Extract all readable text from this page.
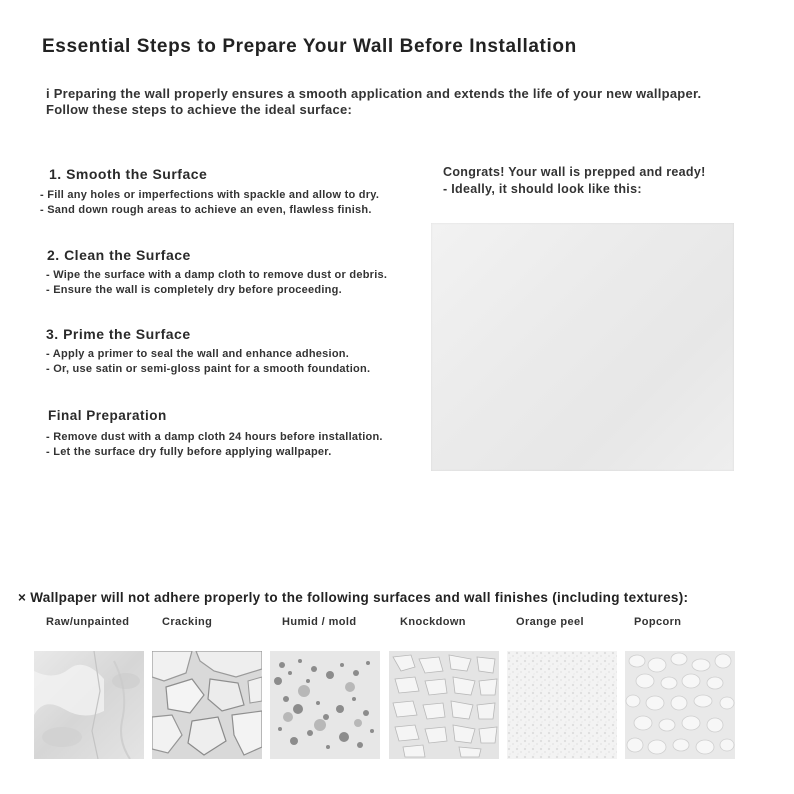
Essential Steps to Prepare Your Wall Before Installation
i Preparing the wall properly ensures a smooth application and extends the life of your new wallpaper.
Follow these steps to achieve the ideal surface:
1. Smooth the Surface
- Fill any holes or imperfections with spackle and allow to dry.
- Sand down rough areas to achieve an even, flawless finish.
2. Clean the Surface
- Wipe the surface with a damp cloth to remove dust or debris.
- Ensure the wall is completely dry before proceeding.
3. Prime the Surface
- Apply a primer to seal the wall and enhance adhesion.
- Or, use satin or semi-gloss paint for a smooth foundation.
Final Preparation
- Remove dust with a damp cloth 24 hours before installation.
- Let the surface dry fully before applying wallpaper.
Congrats! Your wall is prepped and ready!
- Ideally, it should look like this:
× Wallpaper will not adhere properly to the following surfaces and wall finishes (including textures):
Raw/unpainted	Cracking	Humid / mold	Knockdown	Orange peel	Popcorn
